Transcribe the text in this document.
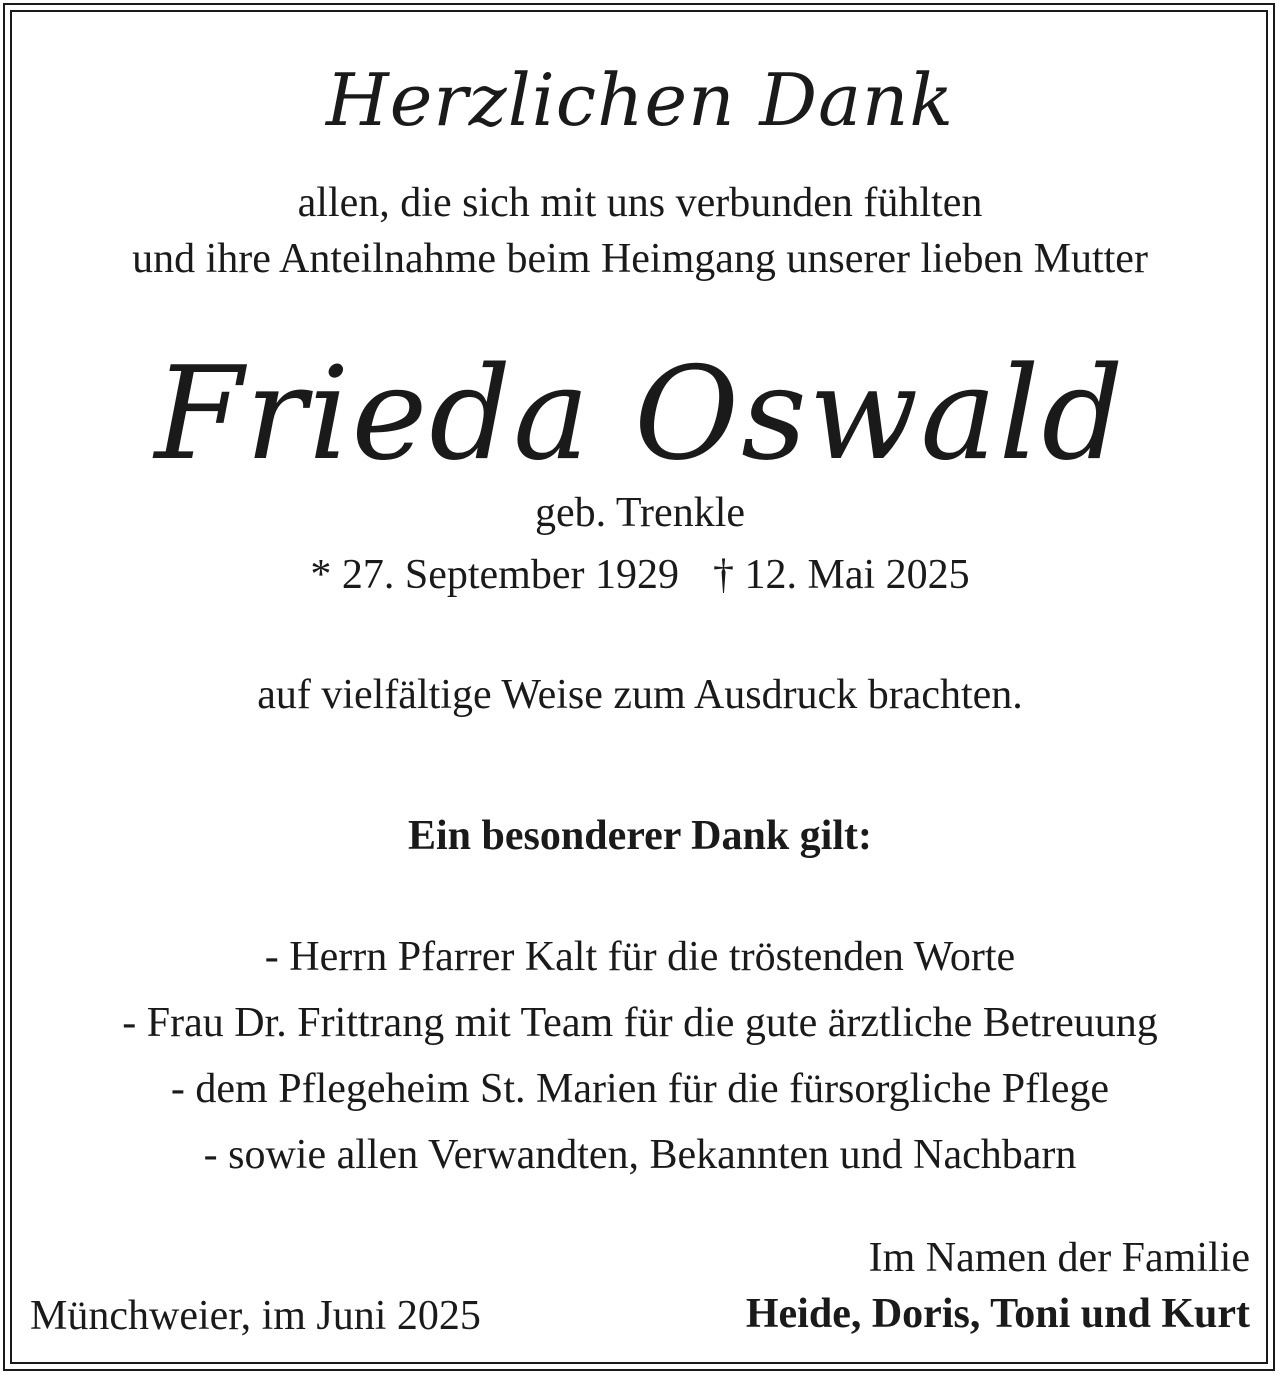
Herzlichen Dank
allen, die sich mit uns verbunden fühlten
und ihre Anteilnahme beim Heimgang unserer lieben Mutter
Frieda Oswald
geb. Trenkle
* 27. September 1929 † 12. Mai 2025
auf vielfältige Weise zum Ausdruck brachten.
Ein besonderer Dank gilt:
- Herrn Pfarrer Kalt für die tröstenden Worte
- Frau Dr. Frittrang mit Team für die gute ärztliche Betreuung
- dem Pflegeheim St. Marien für die fürsorgliche Pflege
- sowie allen Verwandten, Bekannten und Nachbarn
Im Namen der Familie
Heide, Doris, Toni und Kurt
Münchweier, im Juni 2025
